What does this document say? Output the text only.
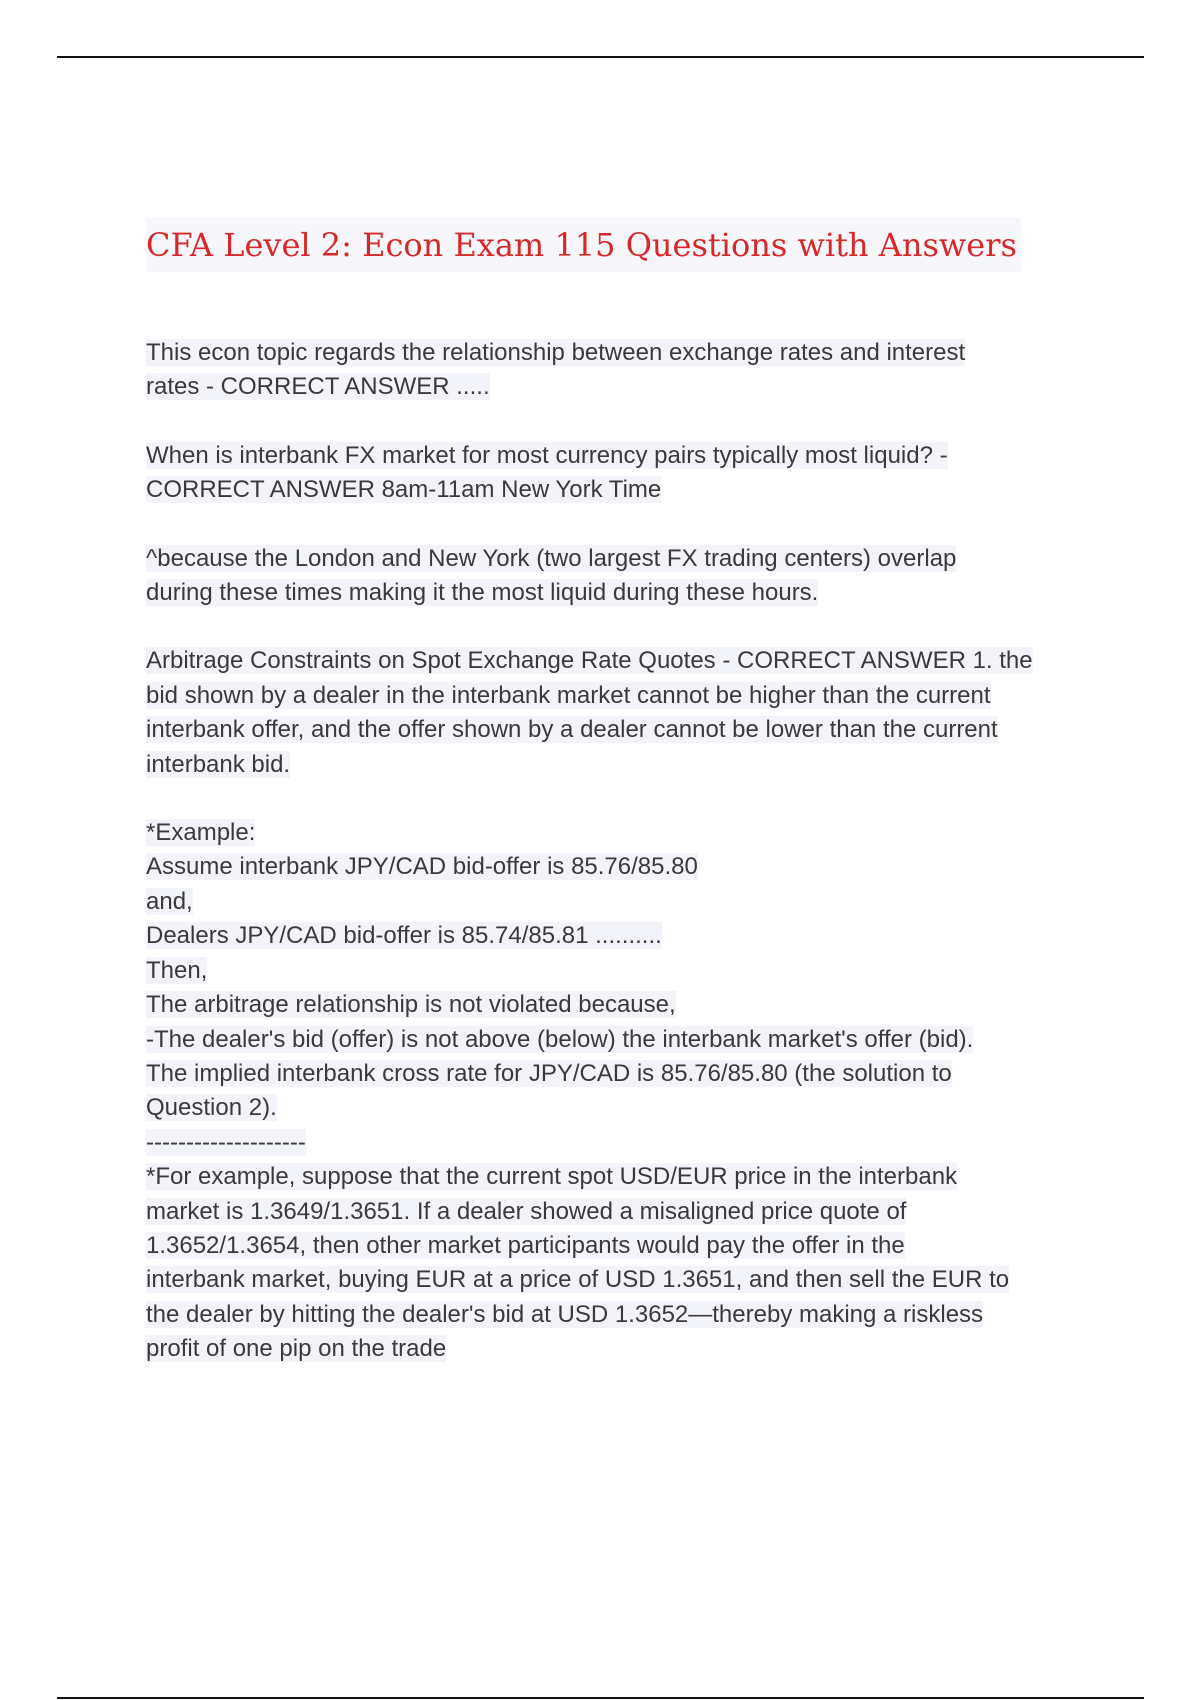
CFA Level 2: Econ Exam 115 Questions with Answers

This econ topic regards the relationship between exchange rates and interest
rates - CORRECT ANSWER .....

When is interbank FX market for most currency pairs typically most liquid? -
CORRECT ANSWER 8am-11am New York Time

^because the London and New York (two largest FX trading centers) overlap
during these times making it the most liquid during these hours.

Arbitrage Constraints on Spot Exchange Rate Quotes - CORRECT ANSWER 1. the
bid shown by a dealer in the interbank market cannot be higher than the current
interbank offer, and the offer shown by a dealer cannot be lower than the current
interbank bid.

*Example:
Assume interbank JPY/CAD bid-offer is 85.76/85.80
and,
Dealers JPY/CAD bid-offer is 85.74/85.81 ..........
Then,
The arbitrage relationship is not violated because,
-The dealer's bid (offer) is not above (below) the interbank market's offer (bid).
The implied interbank cross rate for JPY/CAD is 85.76/85.80 (the solution to
Question 2).
--------------------
*For example, suppose that the current spot USD/EUR price in the interbank
market is 1.3649/1.3651. If a dealer showed a misaligned price quote of
1.3652/1.3654, then other market participants would pay the offer in the
interbank market, buying EUR at a price of USD 1.3651, and then sell the EUR to
the dealer by hitting the dealer's bid at USD 1.3652—thereby making a riskless
profit of one pip on the trade
